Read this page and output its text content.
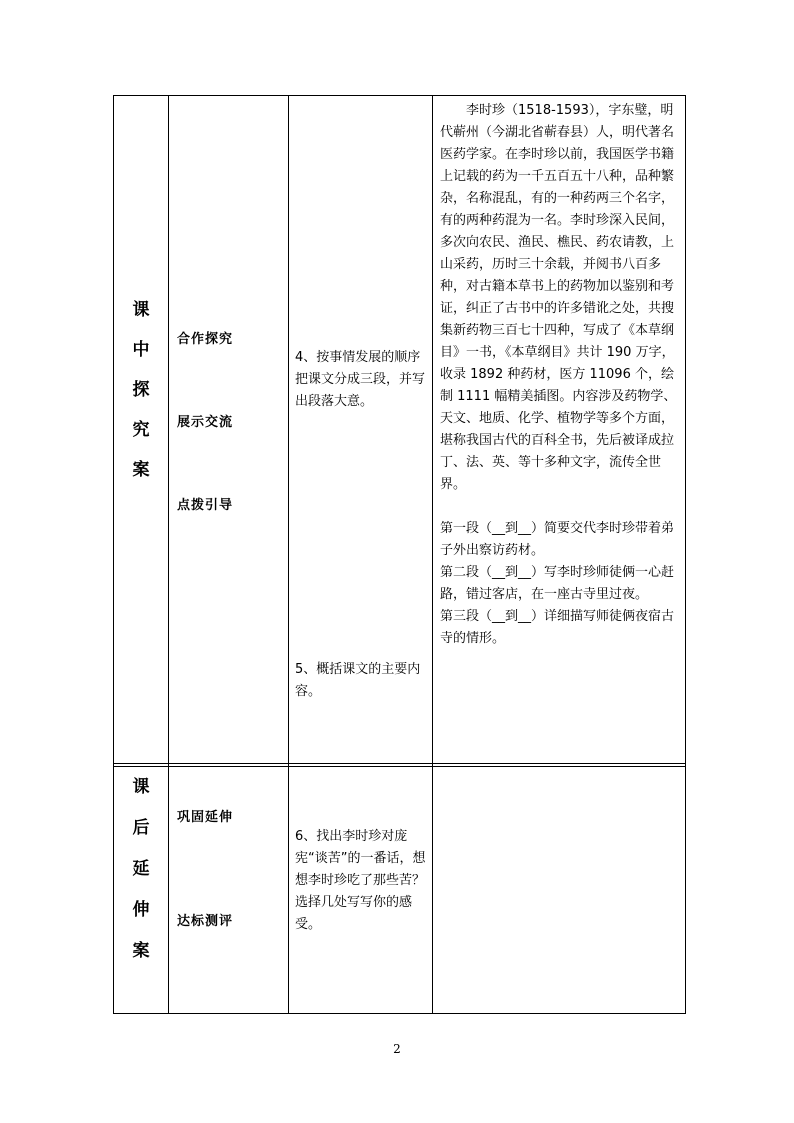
课
中
探
究
案
合作探究
展示交流
点拨引导
4、按事情发展的顺序把课文分成三段，并写出段落大意。
5、概括课文的主要内容。

李时珍（1518-1593），字东璧，明代蕲州（今湖北省蕲春县）人，明代著名医药学家。在李时珍以前，我国医学书籍上记载的药为一千五百五十八种，品种繁杂，名称混乱，有的一种药两三个名字，有的两种药混为一名。李时珍深入民间，多次向农民、渔民、樵民、药农请教，上山采药，历时三十余载，并阅书八百多种，对古籍本草书上的药物加以鉴别和考证，纠正了古书中的许多错讹之处，共搜集新药物三百七十四种，写成了《本草纲目》一书，《本草纲目》共计 190 万字，收录 1892 种药材，医方 11096 个，绘制 1111 幅精美插图。内容涉及药物学、天文、地质、化学、植物学等多个方面，堪称我国古代的百科全书，先后被译成拉丁、法、英、等十多种文字，流传全世界。

第一段（__到__）简要交代李时珍带着弟子外出察访药材。

第二段（__到__）写李时珍师徒俩一心赶路，错过客店，在一座古寺里过夜。

第三段（__到__）详细描写师徒俩夜宿古寺的情形。

课
后
延
伸
案
巩固延伸
达标测评
6、找出李时珍对庞宪“谈苦”的一番话，想想李时珍吃了那些苦？选择几处写写你的感受。
2
